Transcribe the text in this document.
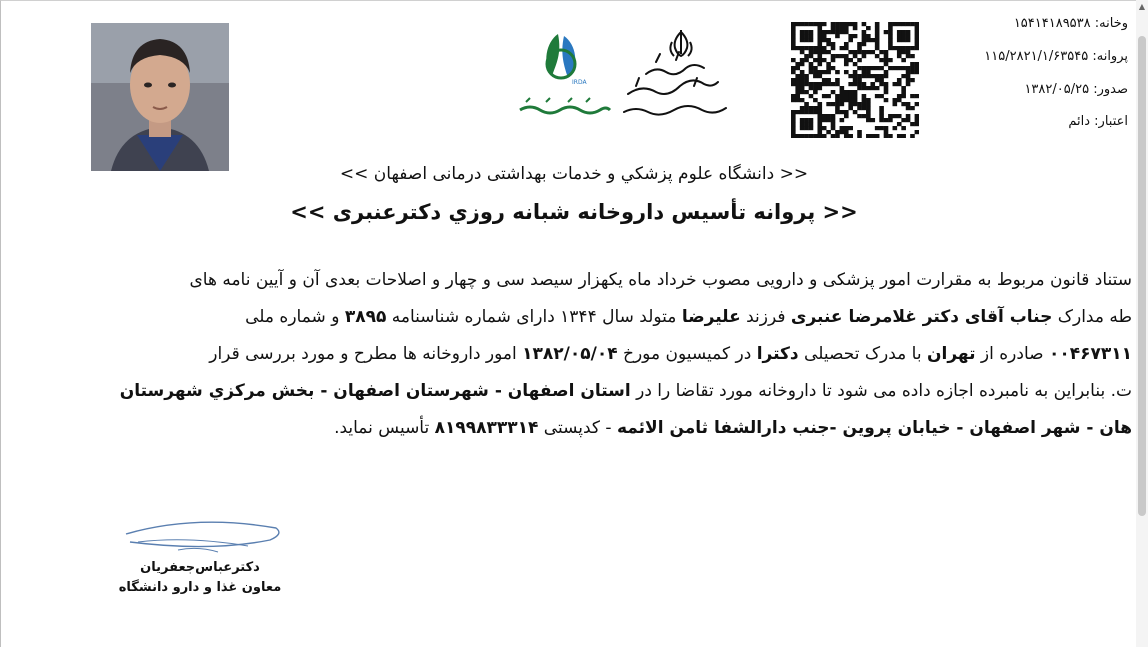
وخانه: ۱۵۴۱۴۱۸۹۵۳۸
پروانه: ۱۱۵/۲۸۲۱/۱/۶۳۵۴۵
صدور: ۱۳۸۲/۰۵/۲۵
اعتبار: دائم
IRDA
<< دانشگاه علوم پزشكي و خدمات بهداشتی درمانی اصفهان >>
<< پروانه تأسیس داروخانه شبانه روزي دكترعنبری >>
ستناد قانون مربوط به مقرارت امور پزشکی و دارویی مصوب خرداد ماه یکهزار سیصد سی و چهار و اصلاحات بعدی آن و آیین نامه های
طه مدارک جناب آقای دکتر غلامرضا عنبری فرزند علیرضا متولد سال ۱۳۴۴ دارای شماره شناسنامه ۳۸۹۵ و شماره ملی
۰۰۴۶۷۳۱۱ صادره از تهران با مدرک تحصیلی دکترا در کمیسیون مورخ ۱۳۸۲/۰۵/۰۴ امور داروخانه ها مطرح و مورد بررسی قرار
ت. بنابراین به نامبرده اجازه داده می شود تا داروخانه مورد تقاضا را در استان اصفهان - شهرستان اصفهان - بخش مرکزي شهرستان
هان - شهر اصفهان - خیابان پروین -جنب دارالشفا ثامن الائمه - کدپستی ۸۱۹۹۸۳۳۳۱۴ تأسیس نماید.
دکترعباس‌جعفریان
معاون غذا و دارو دانشگاه
▲
